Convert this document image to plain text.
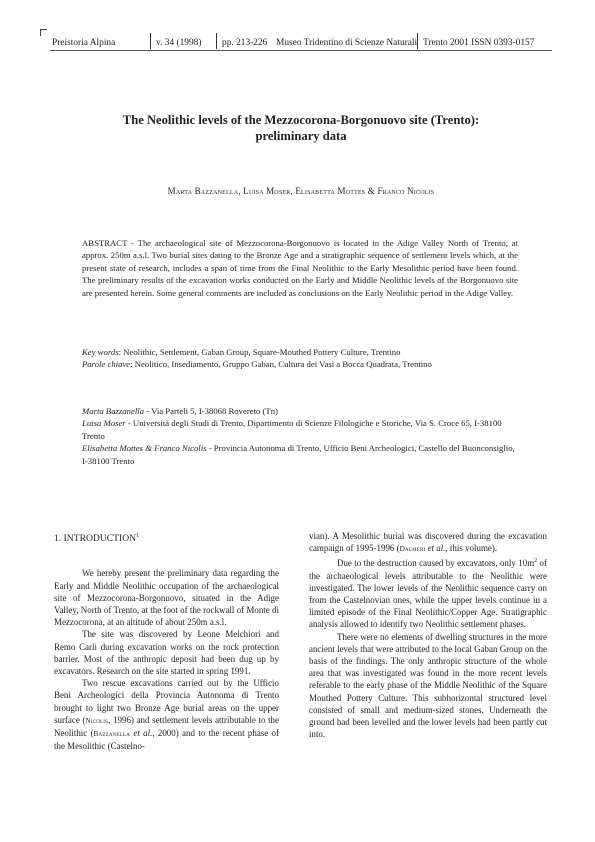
Preistoria Alpina	v. 34 (1998) pp. 213-226 Museo Tridentino di Scienze Naturali Trento 2001 ISSN 0393-0157
The Neolithic levels of the Mezzocorona-Borgonuovo site (Trento):
preliminary data
Marta Bazzanella, Luisa Moser, Elisabetta Mottes & Franco Nicolis
ABSTRACT - The archaeological site of Mezzocorona-Borgonuovo is located in the Adige Valley North of Trento, at approx. 250m a.s.l. Two burial sites dating to the Bronze Age and a stratigraphic sequence of settlement levels which, at the present state of research, includes a span of time from the Final Neolithic to the Early Mesolithic period have been found. The preliminary results of the excavation works conducted on the Early and Middle Neolithic levels of the Borgonuovo site are presented herein. Some general comments are included as conclusions on the Early Neolithic period in the Adige Valley.
Key words: Neolithic, Settlement, Gaban Group, Square-Mouthed Pottery Culture, Trentino
Parole chiave: Neolitico, Insediamento, Gruppo Gaban, Cultura dei Vasi a Bocca Quadrata, Trentino
Marta Bazzanella - Via Parteli 5, I-38068 Rovereto (Tn)
Luisa Moser - Università degli Studi di Trento, Dipartimento di Scienze Filologiche e Storiche, Via S. Croce 65, I-38100 Trento
Elisabetta Mottes & Franco Nicolis - Provincia Autonoma di Trento, Ufficio Beni Archeologici, Castello del Buonconsiglio, I-38100 Trento

1. INTRODUCTION$^1$

We hereby present the preliminary data regarding the Early and Middle Neolithic occupation of the archaeological site of Mezzocorona-Borgonuovo, situated in the Adige Valley, North of Trento, at the foot of the rockwall of Monte di Mezzocorona, at an altitude of about 250m a.s.l.

The site was discovered by Leone Melchiori and Remo Carli during excavation works on the rock protection barrier. Most of the anthropic deposit had been dug up by excavators. Research on the site started in spring 1991.

Two rescue excavations carried out by the Ufficio Beni Archeologici della Provincia Autonoma di Trento brought to light two Bronze Age burial areas on the upper surface (Nicolis, 1996) and settlement levels attributable to the Neolithic (Bazzanella et al., 2000) and to the recent phase of the Mesolithic (Castelno-

vian). A Mesolithic burial was discovered during the excavation campaign of 1995-1996 (Dalmeri et al., this volume).

Due to the destruction caused by excavators, only $10m^2$ of the archaeological levels attributable to the Neolithic were investigated. The lower levels of the Neolithic sequence carry on from the Castelnovian ones, while the upper levels continue in a limited episode of the Final Neolithic/Copper Age. Stratigraphic analysis allowed to identify two Neolithic settlement phases.

There were no elements of dwelling structures in the more ancient levels that were attributed to the local Gaban Group on the basis of the findings. The only anthropic structure of the whole area that was investigated was found in the more recent levels referable to the early phase of the Middle Neolithic of the Square Mouthed Pottery Culture. This subhorizontal structured level consisted of small and medium-sized stones. Underneath the ground had been levelled and the lower levels had been partly cut into.
